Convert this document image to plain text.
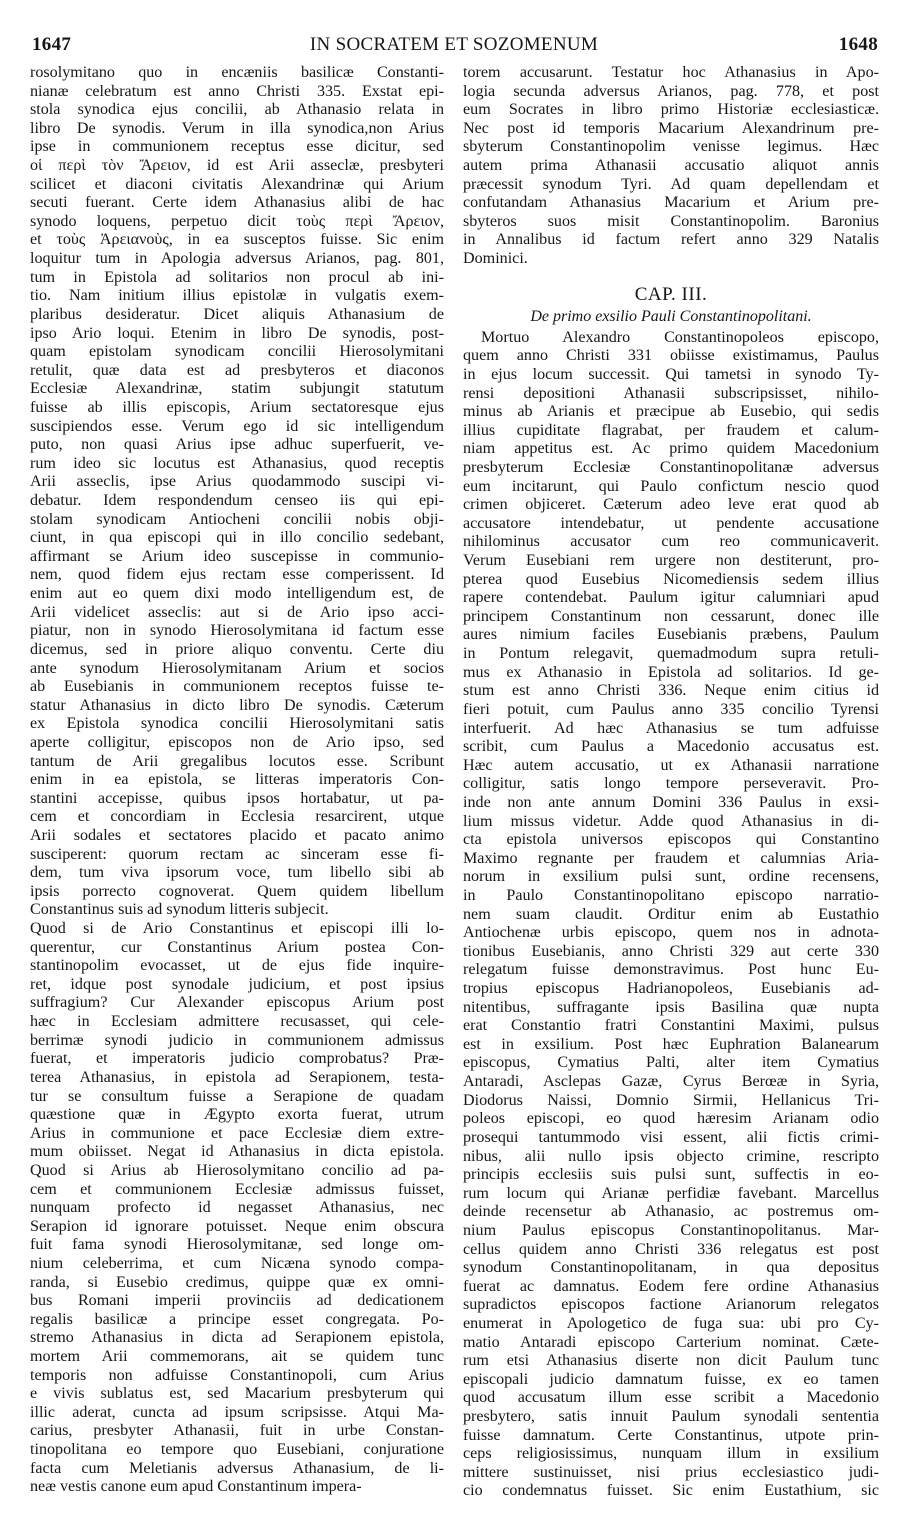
1647	IN SOCRATEM ET SOZOMENUM	1648
rosolymitano quo in encæniis basilicæ Constanti-
nianæ celebratum est anno Christi 335. Exstat epi-
stola synodica ejus concilii, ab Athanasio relata in
libro De synodis. Verum in illa synodica,non Arius
ipse in communionem receptus esse dicitur, sed
οἱ περὶ τὸν Ἄρειον, id est Arii asseclæ, presbyteri
scilicet et diaconi civitatis Alexandrinæ qui Arium
secuti fuerant. Certe idem Athanasius alibi de hac
synodo loquens, perpetuo dicit τοὺς περὶ Ἄρειον,
et τοὺς Ἀρειανοὺς, in ea susceptos fuisse. Sic enim
loquitur tum in Apologia adversus Arianos, pag. 801,
tum in Epistola ad solitarios non procul ab ini-
tio. Nam initium illius epistolæ in vulgatis exem-
plaribus desideratur. Dicet aliquis Athanasium de
ipso Ario loqui. Etenim in libro De synodis, post-
quam epistolam synodicam concilii Hierosolymitani
retulit, quæ data est ad presbyteros et diaconos
Ecclesiæ Alexandrinæ, statim subjungit statutum
fuisse ab illis episcopis, Arium sectatoresque ejus
suscipiendos esse. Verum ego id sic intelligendum
puto, non quasi Arius ipse adhuc superfuerit, ve-
rum ideo sic locutus est Athanasius, quod receptis
Arii asseclis, ipse Arius quodammodo suscipi vi-
debatur. Idem respondendum censeo iis qui epi-
stolam synodicam Antiocheni concilii nobis obji-
ciunt, in qua episcopi qui in illo concilio sedebant,
affirmant se Arium ideo suscepisse in communio-
nem, quod fidem ejus rectam esse comperissent. Id
enim aut eo quem dixi modo intelligendum est, de
Arii videlicet asseclis: aut si de Ario ipso acci-
piatur, non in synodo Hierosolymitana id factum esse
dicemus, sed in priore aliquo conventu. Certe diu
ante synodum Hierosolymitanam Arium et socios
ab Eusebianis in communionem receptos fuisse te-
statur Athanasius in dicto libro De synodis. Cæterum
ex Epistola synodica concilii Hierosolymitani satis
aperte colligitur, episcopos non de Ario ipso, sed
tantum de Arii gregalibus locutos esse. Scribunt
enim in ea epistola, se litteras imperatoris Con-
stantini accepisse, quibus ipsos hortabatur, ut pa-
cem et concordiam in Ecclesia resarcirent, utque
Arii sodales et sectatores placido et pacato animo
susciperent: quorum rectam ac sinceram esse fi-
dem, tum viva ipsorum voce, tum libello sibi ab
ipsis porrecto cognoverat. Quem quidem libellum
Constantinus suis ad synodum litteris subjecit.
Quod si de Ario Constantinus et episcopi illi lo-
querentur, cur Constantinus Arium postea Con-
stantinopolim evocasset, ut de ejus fide inquire-
ret, idque post synodale judicium, et post ipsius
suffragium? Cur Alexander episcopus Arium post
hæc in Ecclesiam admittere recusasset, qui cele-
berrimæ synodi judicio in communionem admissus
fuerat, et imperatoris judicio comprobatus? Præ-
terea Athanasius, in epistola ad Serapionem, testa-
tur se consultum fuisse a Serapione de quadam
quæstione quæ in Ægypto exorta fuerat, utrum
Arius in communione et pace Ecclesiæ diem extre-
mum obiisset. Negat id Athanasius in dicta epistola.
Quod si Arius ab Hierosolymitano concilio ad pa-
cem et communionem Ecclesiæ admissus fuisset,
nunquam profecto id negasset Athanasius, nec
Serapion id ignorare potuisset. Neque enim obscura
fuit fama synodi Hierosolymitanæ, sed longe om-
nium celeberrima, et cum Nicæna synodo compa-
randa, si Eusebio credimus, quippe quæ ex omni-
bus Romani imperii provinciis ad dedicationem
regalis basilicæ a principe esset congregata. Po-
stremo Athanasius in dicta ad Serapionem epistola,
mortem Arii commemorans, ait se quidem tunc
temporis non adfuisse Constantinopoli, cum Arius
e vivis sublatus est, sed Macarium presbyterum qui
illic aderat, cuncta ad ipsum scripsisse. Atqui Ma-
carius, presbyter Athanasii, fuit in urbe Constan-
tinopolitana eo tempore quo Eusebiani, conjuratione
facta cum Meletianis adversus Athanasium, de li-
neæ vestis canone eum apud Constantinum impera-
torem accusarunt. Testatur hoc Athanasius in Apo-
logia secunda adversus Arianos, pag. 778, et post
eum Socrates in libro primo Historiæ ecclesiasticæ.
Nec post id temporis Macarium Alexandrinum pre-
sbyterum Constantinopolim venisse legimus. Hæc
autem prima Athanasii accusatio aliquot annis
præcessit synodum Tyri. Ad quam depellendam et
confutandam Athanasius Macarium et Arium pre-
sbyteros suos misit Constantinopolim. Baronius
in Annalibus id factum refert anno 329 Natalis
Dominici.
CAP. III.
De primo exsilio Pauli Constantinopolitani.
Mortuo Alexandro Constantinopoleos episcopo,
quem anno Christi 331 obiisse existimamus, Paulus
in ejus locum successit. Qui tametsi in synodo Ty-
rensi depositioni Athanasii subscripsisset, nihilo-
minus ab Arianis et præcipue ab Eusebio, qui sedis
illius cupiditate flagrabat, per fraudem et calum-
niam appetitus est. Ac primo quidem Macedonium
presbyterum Ecclesiæ Constantinopolitanæ adversus
eum incitarunt, qui Paulo confictum nescio quod
crimen objiceret. Cæterum adeo leve erat quod ab
accusatore intendebatur, ut pendente accusatione
nihilominus accusator cum reo communicaverit.
Verum Eusebiani rem urgere non destiterunt, pro-
pterea quod Eusebius Nicomediensis sedem illius
rapere contendebat. Paulum igitur calumniari apud
principem Constantinum non cessarunt, donec ille
aures nimium faciles Eusebianis præbens, Paulum
in Pontum relegavit, quemadmodum supra retuli-
mus ex Athanasio in Epistola ad solitarios. Id ge-
stum est anno Christi 336. Neque enim citius id
fieri potuit, cum Paulus anno 335 concilio Tyrensi
interfuerit. Ad hæc Athanasius se tum adfuisse
scribit, cum Paulus a Macedonio accusatus est.
Hæc autem accusatio, ut ex Athanasii narratione
colligitur, satis longo tempore perseveravit. Pro-
inde non ante annum Domini 336 Paulus in exsi-
lium missus videtur. Adde quod Athanasius in di-
cta epistola universos episcopos qui Constantino
Maximo regnante per fraudem et calumnias Aria-
norum in exsilium pulsi sunt, ordine recensens,
in Paulo Constantinopolitano episcopo narratio-
nem suam claudit. Orditur enim ab Eustathio
Antiochenæ urbis episcopo, quem nos in adnota-
tionibus Eusebianis, anno Christi 329 aut certe 330
relegatum fuisse demonstravimus. Post hunc Eu-
tropius episcopus Hadrianopoleos, Eusebianis ad-
nitentibus, suffragante ipsis Basilina quæ nupta
erat Constantio fratri Constantini Maximi, pulsus
est in exsilium. Post hæc Euphration Balanearum
episcopus, Cymatius Palti, alter item Cymatius
Antaradi, Asclepas Gazæ, Cyrus Berœæ in Syria,
Diodorus Naissi, Domnio Sirmii, Hellanicus Tri-
poleos episcopi, eo quod hæresim Arianam odio
prosequi tantummodo visi essent, alii fictis crimi-
nibus, alii nullo ipsis objecto crimine, rescripto
principis ecclesiis suis pulsi sunt, suffectis in eo-
rum locum qui Arianæ perfidiæ favebant. Marcellus
deinde recensetur ab Athanasio, ac postremus om-
nium Paulus episcopus Constantinopolitanus. Mar-
cellus quidem anno Christi 336 relegatus est post
synodum Constantinopolitanam, in qua depositus
fuerat ac damnatus. Eodem fere ordine Athanasius
supradictos episcopos factione Arianorum relegatos
enumerat in Apologetico de fuga sua: ubi pro Cy-
matio Antaradi episcopo Carterium nominat. Cæte-
rum etsi Athanasius diserte non dicit Paulum tunc
episcopali judicio damnatum fuisse, ex eo tamen
quod accusatum illum esse scribit a Macedonio
presbytero, satis innuit Paulum synodali sententia
fuisse damnatum. Certe Constantinus, utpote prin-
ceps religiosissimus, nunquam illum in exsilium
mittere sustinuisset, nisi prius ecclesiastico judi-
cio condemnatus fuisset. Sic enim Eustathium, sic
